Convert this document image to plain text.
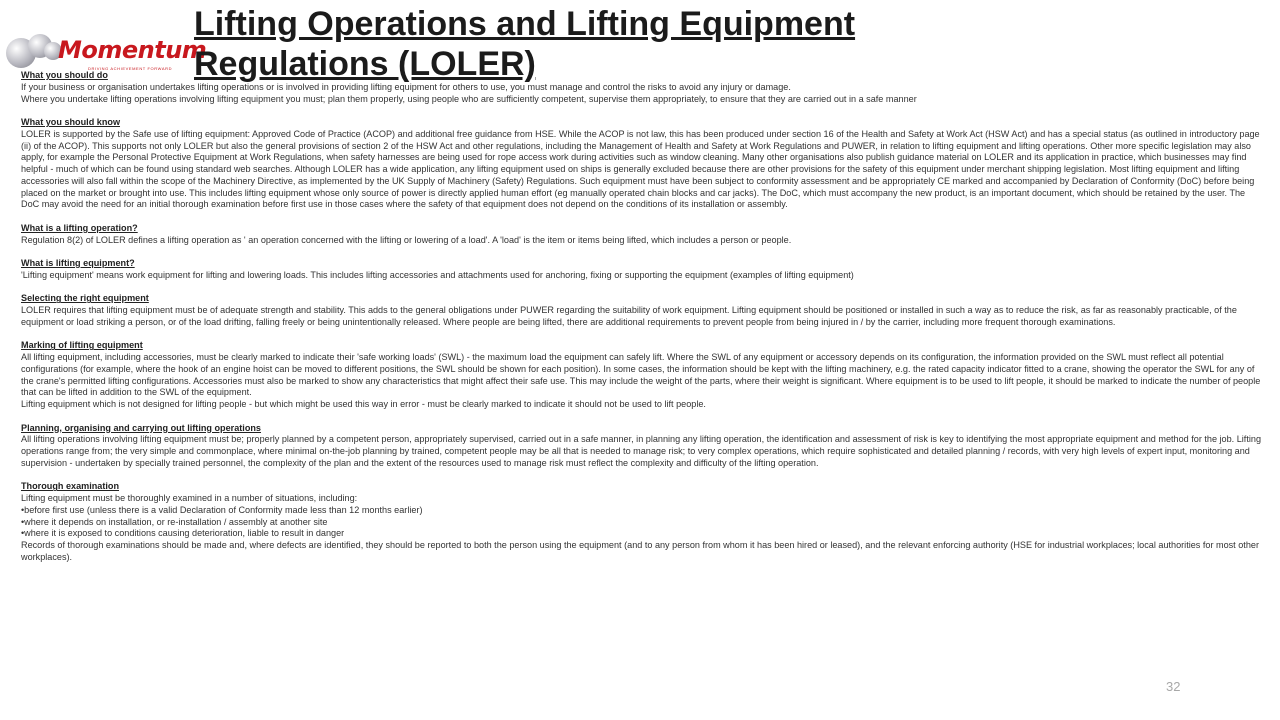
Momentum
DRIVING ACHIEVEMENT FORWARD
Lifting Operations and Lifting Equipment
Regulations (LOLER)
What you should do

If your business or organisation undertakes lifting operations or is involved in providing lifting equipment for others to use, you must manage and control the risks to avoid any injury or damage.

Where you undertake lifting operations involving lifting equipment you must; plan them properly, using people who are sufficiently competent, supervise them appropriately, to ensure that they are carried out in a safe manner

What you should know

LOLER is supported by the Safe use of lifting equipment: Approved Code of Practice (ACOP) and additional free guidance from HSE. While the ACOP is not law, this has been produced under section 16 of the Health and Safety at Work Act (HSW Act) and has a special status (as outlined in introductory page (ii) of the ACOP). This supports not only LOLER but also the general provisions of section 2 of the HSW Act and other regulations, including the Management of Health and Safety at Work Regulations and PUWER, in relation to lifting equipment and lifting operations. Other more specific legislation may also apply, for example the Personal Protective Equipment at Work Regulations, when safety harnesses are being used for rope access work during activities such as window cleaning. Many other organisations also publish guidance material on LOLER and its application in practice, which businesses may find helpful - much of which can be found using standard web searches. Although LOLER has a wide application, any lifting equipment used on ships is generally excluded because there are other provisions for the safety of this equipment under merchant shipping legislation. Most lifting equipment and lifting accessories will also fall within the scope of the Machinery Directive, as implemented by the UK Supply of Machinery (Safety) Regulations. Such equipment must have been subject to conformity assessment and be appropriately CE marked and accompanied by Declaration of Conformity (DoC) before being placed on the market or brought into use. This includes lifting equipment whose only source of power is directly applied human effort (eg manually operated chain blocks and car jacks). The DoC, which must accompany the new product, is an important document, which should be retained by the user. The DoC may avoid the need for an initial thorough examination before first use in those cases where the safety of that equipment does not depend on the conditions of its installation or assembly.

What is a lifting operation?

Regulation 8(2) of LOLER defines a lifting operation as ' an operation concerned with the lifting or lowering of a load'. A 'load' is the item or items being lifted, which includes a person or people.

What is lifting equipment?

'Lifting equipment' means work equipment for lifting and lowering loads. This includes lifting accessories and attachments used for anchoring, fixing or supporting the equipment (examples of lifting equipment)

Selecting the right equipment

LOLER requires that lifting equipment must be of adequate strength and stability. This adds to the general obligations under PUWER regarding the suitability of work equipment. Lifting equipment should be positioned or installed in such a way as to reduce the risk, as far as reasonably practicable, of the equipment or load striking a person, or of the load drifting, falling freely or being unintentionally released. Where people are being lifted, there are additional requirements to prevent people from being injured in / by the carrier, including more frequent thorough examinations.

Marking of lifting equipment

All lifting equipment, including accessories, must be clearly marked to indicate their 'safe working loads' (SWL) - the maximum load the equipment can safely lift. Where the SWL of any equipment or accessory depends on its configuration, the information provided on the SWL must reflect all potential configurations (for example, where the hook of an engine hoist can be moved to different positions, the SWL should be shown for each position). In some cases, the information should be kept with the lifting machinery, e.g. the rated capacity indicator fitted to a crane, showing the operator the SWL for any of the crane's permitted lifting configurations. Accessories must also be marked to show any characteristics that might affect their safe use. This may include the weight of the parts, where their weight is significant. Where equipment is to be used to lift people, it should be marked to indicate the number of people that can be lifted in addition to the SWL of the equipment.

Lifting equipment which is not designed for lifting people - but which might be used this way in error - must be clearly marked to indicate it should not be used to lift people.

Planning, organising and carrying out lifting operations

All lifting operations involving lifting equipment must be; properly planned by a competent person, appropriately supervised, carried out in a safe manner, in planning any lifting operation, the identification and assessment of risk is key to identifying the most appropriate equipment and method for the job. Lifting operations range from; the very simple and commonplace, where minimal on-the-job planning by trained, competent people may be all that is needed to manage risk; to very complex operations, which require sophisticated and detailed planning / records, with very high levels of expert input, monitoring and supervision - undertaken by specially trained personnel, the complexity of the plan and the extent of the resources used to manage risk must reflect the complexity and difficulty of the lifting operation.

Thorough examination

Lifting equipment must be thoroughly examined in a number of situations, including:

•before first use (unless there is a valid Declaration of Conformity made less than 12 months earlier)

•where it depends on installation, or re-installation / assembly at another site

•where it is exposed to conditions causing deterioration, liable to result in danger

Records of thorough examinations should be made and, where defects are identified, they should be reported to both the person using the equipment (and to any person from whom it has been hired or leased), and the relevant enforcing authority (HSE for industrial workplaces; local authorities for most other workplaces).

32
